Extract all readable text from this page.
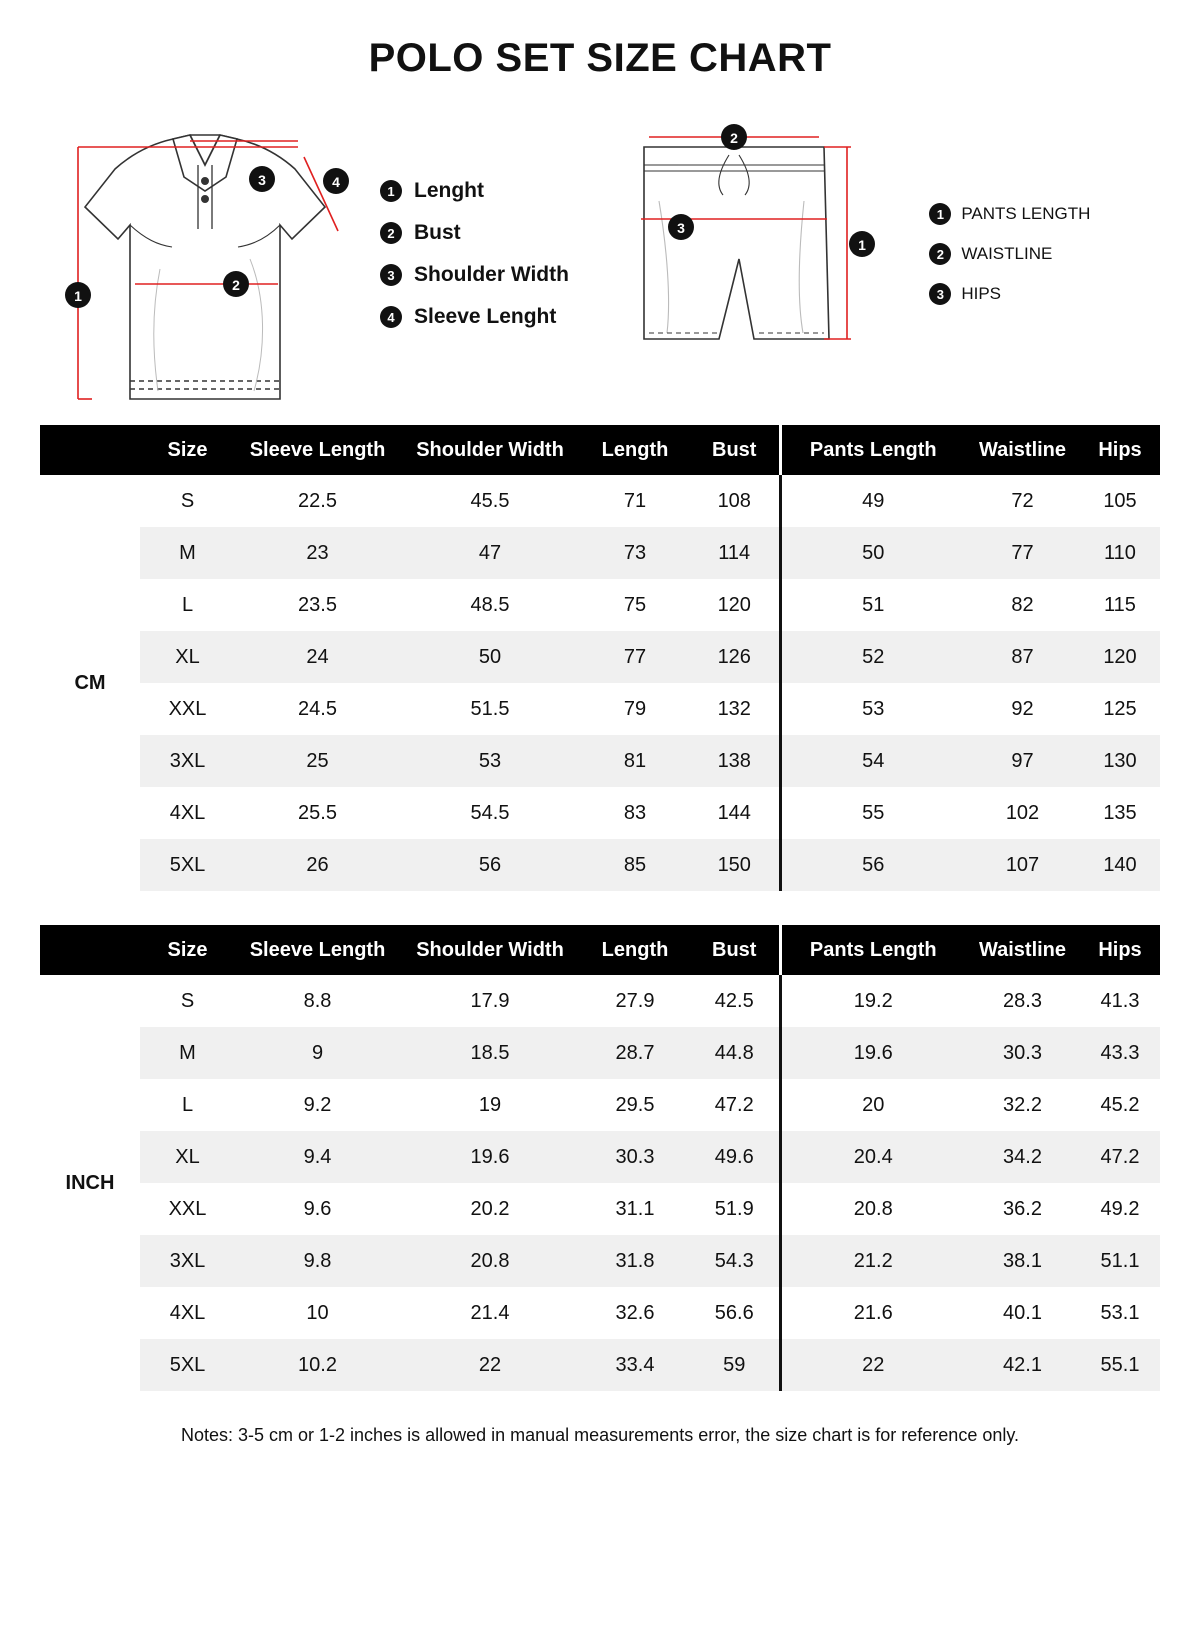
POLO SET SIZE CHART
1
2
3	4
1 Lenght
2 Bust
3 Shoulder Width
4 Sleeve Lenght
2
3
1
1	PANTS LENGTH
2	WAISTLINE
3	HIPS
	Size	Sleeve Length	Shoulder Width	Length	Bust	Pants Length	Waistline	Hips
CM	S	22.5	45.5	71	108	49	72	105
	M	23	47	73	114	50	77	110
	L	23.5	48.5	75	120	51	82	115
	XL	24	50	77	126	52	87	120
	XXL	24.5	51.5	79	132	53	92	125
	3XL	25	53	81	138	54	97	130
	4XL	25.5	54.5	83	144	55	102	135
	5XL	26	56	85	150	56	107	140
	Size	Sleeve Length	Shoulder Width	Length	Bust	Pants Length	Waistline	Hips
INCH	S	8.8	17.9	27.9	42.5	19.2	28.3	41.3
	M	9	18.5	28.7	44.8	19.6	30.3	43.3
	L	9.2	19	29.5	47.2	20	32.2	45.2
	XL	9.4	19.6	30.3	49.6	20.4	34.2	47.2
	XXL	9.6	20.2	31.1	51.9	20.8	36.2	49.2
	3XL	9.8	20.8	31.8	54.3	21.2	38.1	51.1
	4XL	10	21.4	32.6	56.6	21.6	40.1	53.1
	5XL	10.2	22	33.4	59	22	42.1	55.1
Notes: 3-5 cm or 1-2 inches is allowed in manual measurements error, the size chart is for reference only.
